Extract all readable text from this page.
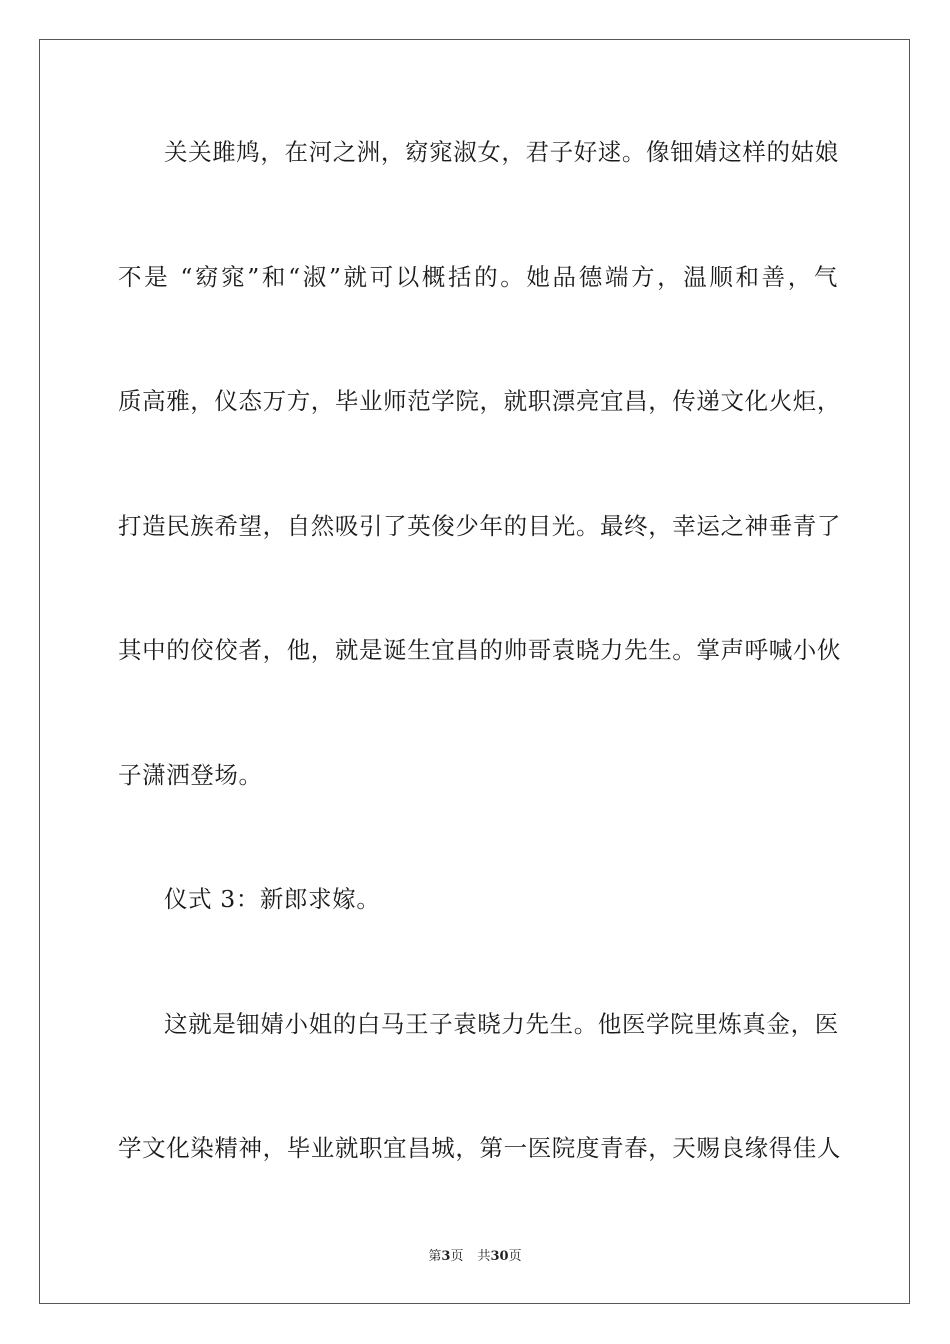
关关雎鸠，在河之洲，窈窕淑女，君子好逑。像钿婧这样的姑娘
不是 “窈窕”和“淑”就可以概括的。她品德端方，温顺和善，气
质高雅，仪态万方，毕业师范学院，就职漂亮宜昌，传递文化火炬，
打造民族希望，自然吸引了英俊少年的目光。最终，幸运之神垂青了
其中的佼佼者，他，就是诞生宜昌的帅哥袁晓力先生。掌声呼喊小伙
子潇洒登场。
仪式 3：新郎求嫁。
这就是钿婧小姐的白马王子袁晓力先生。他医学院里炼真金，医
学文化染精神，毕业就职宜昌城，第一医院度青春，天赐良缘得佳人
第3页 共30页
